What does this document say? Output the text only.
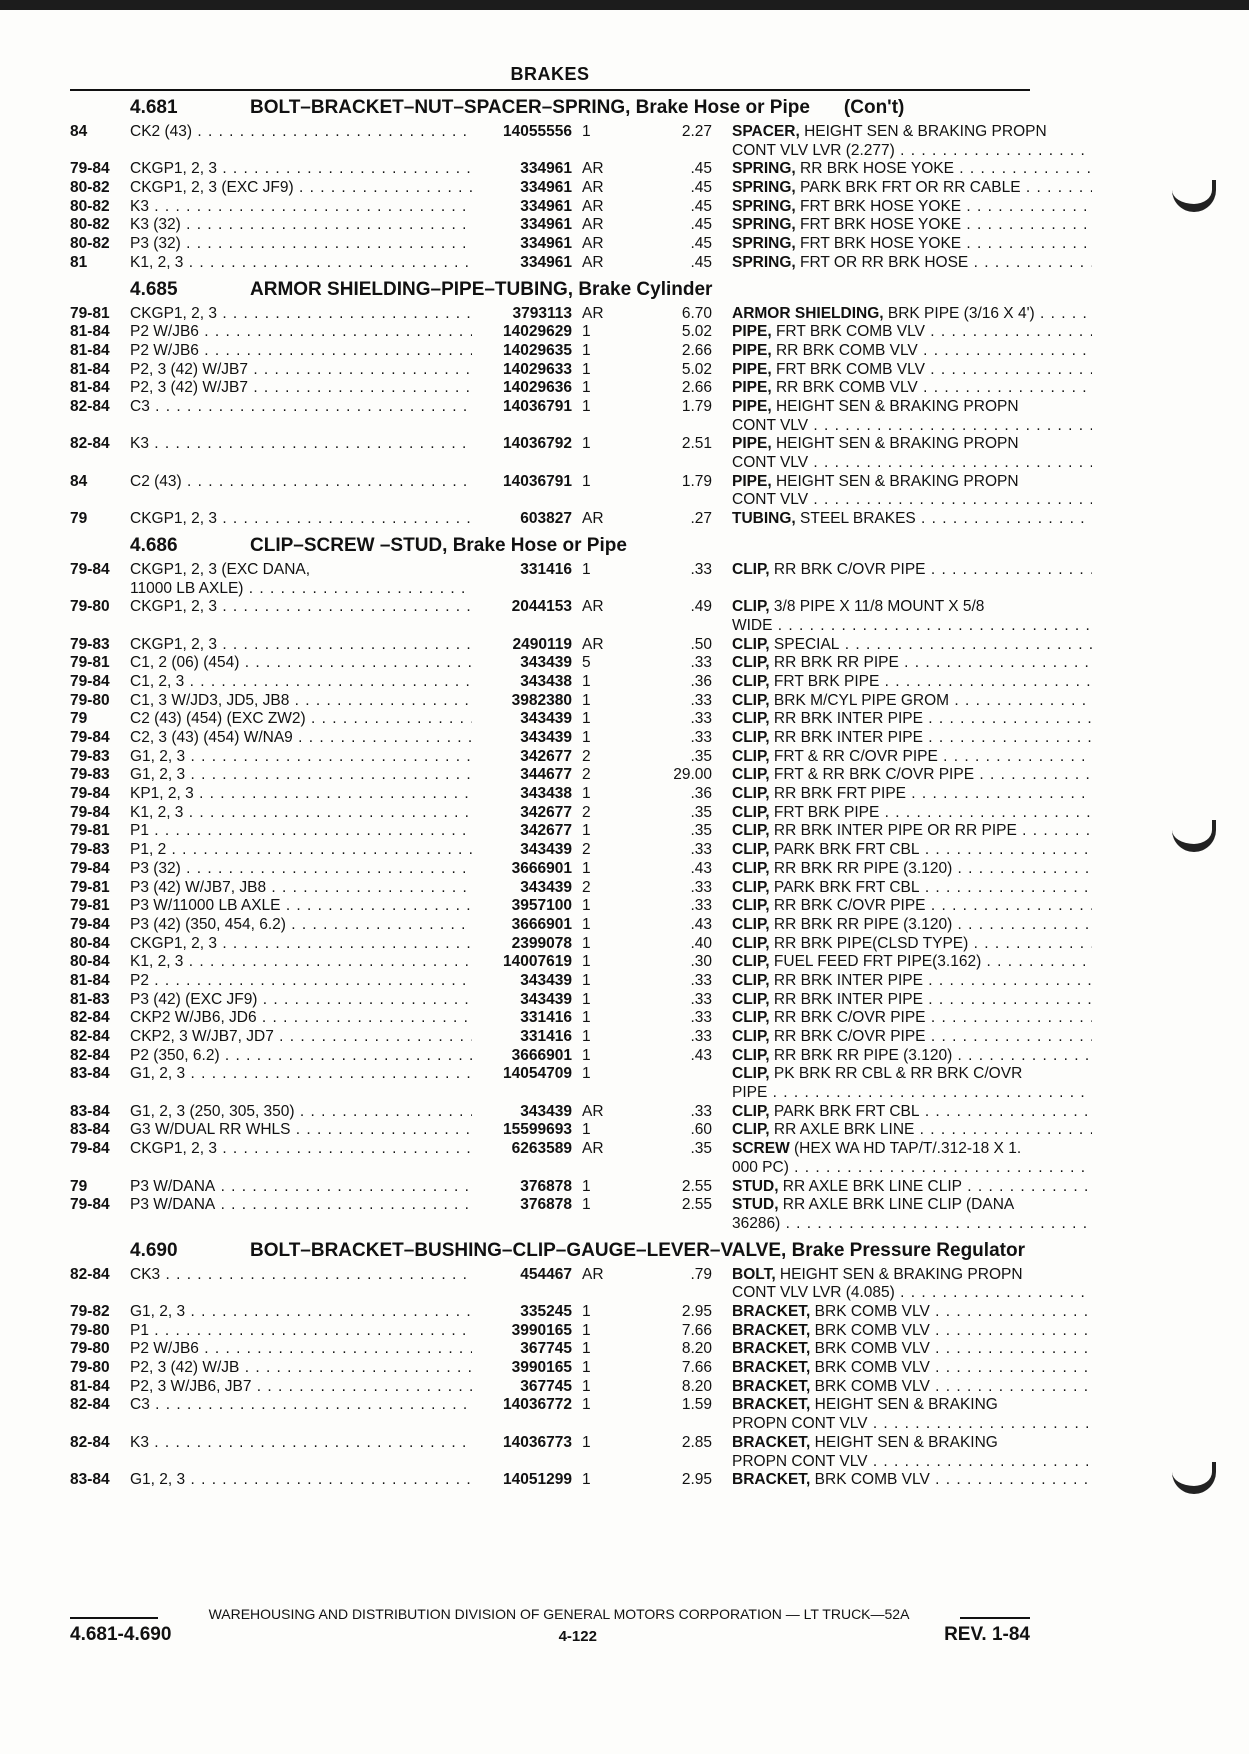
BRAKES
4.681	BOLT–BRACKET–NUT–SPACER–SPRING, Brake Hose or Pipe (Con't)
84	CK2 (43) . . .	14055556 1	2.27 SPACER, HEIGHT SEN & BRAKING PROPN
CONT VLV LVR (2.277) . . .
79-84	CKGP1, 2, 3 . . .	334961 AR	.45 SPRING, RR BRK HOSE YOKE . . .
80-82	CKGP1, 2, 3 (EXC JF9) . . .	334961 AR	.45 SPRING, PARK BRK FRT OR RR CABLE . . .
80-82	K3 . . .	334961 AR	.45 SPRING, FRT BRK HOSE YOKE . . .
80-82	K3 (32) . . .	334961 AR	.45 SPRING, FRT BRK HOSE YOKE . . .
80-82	P3 (32) . . .	334961 AR	.45 SPRING, FRT BRK HOSE YOKE . . .
81	K1, 2, 3 . . .	334961 AR	.45 SPRING, FRT OR RR BRK HOSE . . .
4.685	ARMOR SHIELDING–PIPE–TUBING, Brake Cylinder
79-81	CKGP1, 2, 3 . . .	3793113 AR	6.70 ARMOR SHIELDING, BRK PIPE (3/16 X 4') . . .
81-84	P2 W/JB6 . . .	14029629 1	5.02 PIPE, FRT BRK COMB VLV . . .
81-84	P2 W/JB6 . . .	14029635 1	2.66 PIPE, RR BRK COMB VLV . . .
81-84	P2, 3 (42) W/JB7 . . .	14029633 1	5.02 PIPE, FRT BRK COMB VLV . . .
81-84	P2, 3 (42) W/JB7 . . .	14029636 1	2.66 PIPE, RR BRK COMB VLV . . .
82-84	C3 . . .	14036791 1	1.79 PIPE, HEIGHT SEN & BRAKING PROPN
CONT VLV . . .
82-84	K3 . . .	14036792 1	2.51 PIPE, HEIGHT SEN & BRAKING PROPN
CONT VLV . . .
84	C2 (43) . . .	14036791 1	1.79 PIPE, HEIGHT SEN & BRAKING PROPN
CONT VLV . . .
79	CKGP1, 2, 3 . . .	603827 AR	.27 TUBING, STEEL BRAKES . . .
4.686	CLIP–SCREW –STUD, Brake Hose or Pipe
79-84	CKGP1, 2, 3 (EXC DANA,
11000 LB AXLE) . . .
331416 1	.33 CLIP, RR BRK C/OVR PIPE . . .
79-80	CKGP1, 2, 3 . . .	2044153 AR	.49 CLIP, 3/8 PIPE X 11/8 MOUNT X 5/8
WIDE . . .
79-83	CKGP1, 2, 3 . . .	2490119 AR	.50 CLIP, SPECIAL . . .
79-81	C1, 2 (06) (454) . . .	343439 5	.33 CLIP, RR BRK RR PIPE . . .
79-84	C1, 2, 3 . . .	343438 1	.36 CLIP, FRT BRK PIPE . . .
79-80	C1, 3 W/JD3, JD5, JB8 . . .	3982380 1	.33 CLIP, BRK M/CYL PIPE GROM . . .
79	C2 (43) (454) (EXC ZW2) . . .	343439 1	.33 CLIP, RR BRK INTER PIPE . . .
79-84	C2, 3 (43) (454) W/NA9 . . .	343439 1	.33 CLIP, RR BRK INTER PIPE . . .
79-83	G1, 2, 3 . . .	342677 2	.35 CLIP, FRT & RR C/OVR PIPE . . .
79-83	G1, 2, 3 . . .	344677 2	29.00 CLIP, FRT & RR BRK C/OVR PIPE . . .
79-84	KP1, 2, 3 . . .	343438 1	.36 CLIP, RR BRK FRT PIPE . . .
79-84	K1, 2, 3 . . .	342677 2	.35 CLIP, FRT BRK PIPE . . .
79-81	P1 . . .	342677 1	.35 CLIP, RR BRK INTER PIPE OR RR PIPE . . .
79-83	P1, 2 . . .	343439 2	.33 CLIP, PARK BRK FRT CBL . . .
79-84	P3 (32) . . .	3666901 1	.43 CLIP, RR BRK RR PIPE (3.120) . . .
79-81	P3 (42) W/JB7, JB8 . . .	343439 2	.33 CLIP, PARK BRK FRT CBL . . .
79-81	P3 W/11000 LB AXLE . . .	3957100 1	.33 CLIP, RR BRK C/OVR PIPE . . .
79-84	P3 (42) (350, 454, 6.2) . . .	3666901 1	.43 CLIP, RR BRK RR PIPE (3.120) . . .
80-84	CKGP1, 2, 3 . . .	2399078 1	.40 CLIP, RR BRK PIPE(CLSD TYPE) . . .
80-84	K1, 2, 3 . . .	14007619 1	.30 CLIP, FUEL FEED FRT PIPE(3.162) . . .
81-84	P2 . . .	343439 1	.33 CLIP, RR BRK INTER PIPE . . .
81-83	P3 (42) (EXC JF9) . . .	343439 1	.33 CLIP, RR BRK INTER PIPE . . .
82-84	CKP2 W/JB6, JD6 . . .	331416 1	.33 CLIP, RR BRK C/OVR PIPE . . .
82-84	CKP2, 3 W/JB7, JD7 . . .	331416 1	.33 CLIP, RR BRK C/OVR PIPE . . .
82-84	P2 (350, 6.2) . . .	3666901 1	.43 CLIP, RR BRK RR PIPE (3.120) . . .
83-84	G1, 2, 3 . . .	14054709 1	CLIP, PK BRK RR CBL & RR BRK C/OVR
PIPE . . .
83-84	G1, 2, 3 (250, 305, 350) . . .	343439 AR	.33 CLIP, PARK BRK FRT CBL . . .
83-84	G3 W/DUAL RR WHLS . . .	15599693 1	.60 CLIP, RR AXLE BRK LINE . . .
79-84	CKGP1, 2, 3 . . .	6263589 AR	.35 SCREW (HEX WA HD TAP/T/.312-18 X 1.
000 PC) . . .
79	P3 W/DANA . . .	376878 1	2.55 STUD, RR AXLE BRK LINE CLIP . . .
79-84	P3 W/DANA . . .	376878 1	2.55 STUD, RR AXLE BRK LINE CLIP (DANA
36286) . . .
4.690	BOLT–BRACKET–BUSHING–CLIP–GAUGE–LEVER–VALVE, Brake Pressure Regulator
82-84	CK3 . . .	454467 AR	.79 BOLT, HEIGHT SEN & BRAKING PROPN
CONT VLV LVR (4.085) . . .
79-82	G1, 2, 3 . . .	335245 1	2.95 BRACKET, BRK COMB VLV . . .
79-80	P1 . . .	3990165 1	7.66 BRACKET, BRK COMB VLV . . .
79-80	P2 W/JB6 . . .	367745 1	8.20 BRACKET, BRK COMB VLV . . .
79-80	P2, 3 (42) W/JB . . .	3990165 1	7.66 BRACKET, BRK COMB VLV . . .
81-84	P2, 3 W/JB6, JB7 . . .	367745 1	8.20 BRACKET, BRK COMB VLV . . .
82-84	C3 . . .	14036772 1	1.59 BRACKET, HEIGHT SEN & BRAKING
PROPN CONT VLV . . .
82-84	K3 . . .	14036773 1	2.85 BRACKET, HEIGHT SEN & BRAKING
PROPN CONT VLV . . .
83-84	G1, 2, 3 . . .	14051299 1	2.95 BRACKET, BRK COMB VLV . . .
WAREHOUSING AND DISTRIBUTION DIVISION OF GENERAL MOTORS CORPORATION — LT TRUCK—52A
4.681-4.690	4-122	REV. 1-84
